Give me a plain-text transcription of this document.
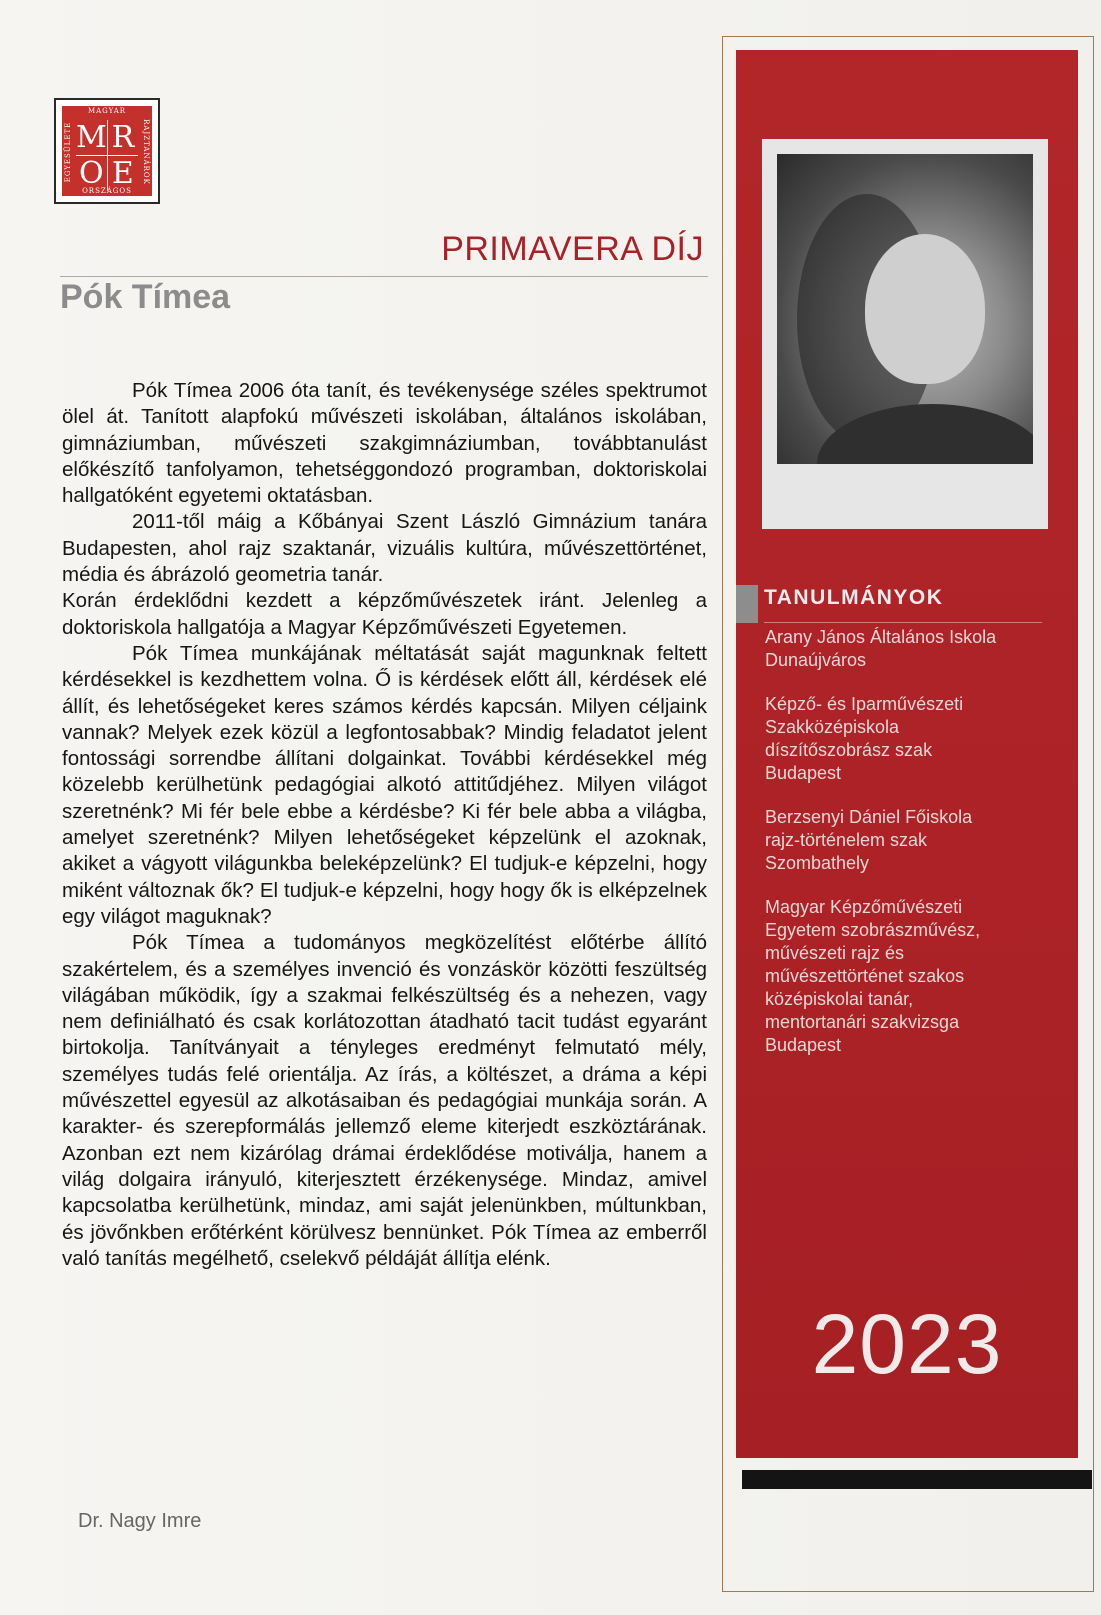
MAGYAR
ORSZÁGOS
EGYESÜLETE	RAJZTANÁROK
M R
O E
PRIMAVERA DÍJ
Pók Tímea

Pók Tímea 2006 óta tanít, és tevékenysége széles spektrumot ölel át. Tanított alapfokú művészeti iskolában, általános iskolában, gimnáziumban, művészeti szakgimnáziumban, továbbtanulást előkészítő tanfolyamon, tehetséggondozó programban, doktoriskolai hallgatóként egyetemi oktatásban.

2011-től máig a Kőbányai Szent László Gimnázium tanára Budapesten, ahol rajz szaktanár, vizuális kultúra, művészettörténet, média és ábrázoló geometria tanár.

Korán érdeklődni kezdett a képzőművészetek iránt. Jelenleg a doktoriskola hallgatója a Magyar Képzőművészeti Egyetemen.

Pók Tímea munkájának méltatását saját magunknak feltett kérdésekkel is kezdhettem volna. Ő is kérdések előtt áll, kérdések elé állít, és lehetőségeket keres számos kérdés kapcsán. Milyen céljaink vannak? Melyek ezek közül a legfontosabbak? Mindig feladatot jelent fontossági sorrendbe állítani dolgainkat. További kérdésekkel még közelebb kerülhetünk pedagógiai alkotó attitűdjéhez. Milyen világot szeretnénk? Mi fér bele ebbe a kérdésbe? Ki fér bele abba a világba, amelyet szeretnénk? Milyen lehetőségeket képzelünk el azoknak, akiket a vágyott világunkba beleképzelünk? El tudjuk-e képzelni, hogy miként változnak ők? El tudjuk-e képzelni, hogy hogy ők is elképzelnek egy világot maguknak?

Pók Tímea a tudományos megközelítést előtérbe állító szakértelem, és a személyes invenció és vonzáskör közötti feszültség világában működik, így a szakmai felkészültség és a nehezen, vagy nem definiálható és csak korlátozottan átadható tacit tudást egyaránt birtokolja. Tanítványait a tényleges eredményt felmutató mély, személyes tudás felé orientálja. Az írás, a költészet, a dráma a képi művészettel egyesül az alkotásaiban és pedagógiai munkája során. A karakter- és szerepformálás jellemző eleme kiterjedt eszköztárának. Azonban ezt nem kizárólag drámai érdeklődése motiválja, hanem a világ dolgaira irányuló, kiterjesztett érzékenysége. Mindaz, amivel kapcsolatba kerülhetünk, mindaz, ami saját jelenünkben, múltunkban, és jövőnkben erőtérként körülvesz bennünket. Pók Tímea az emberről való tanítás megélhető, cselekvő példáját állítja elénk.

Dr. Nagy Imre
TANULMÁNYOK
Arany János Általános Iskola
Dunaújváros
Képző- és Iparművészeti
Szakközépiskola
díszítőszobrász szak
Budapest
Berzsenyi Dániel Főiskola
rajz-történelem szak
Szombathely
Magyar Képzőművészeti
Egyetem szobrászművész,
művészeti rajz és
művészettörténet szakos
középiskolai tanár,
mentortanári szakvizsga
Budapest
2023
